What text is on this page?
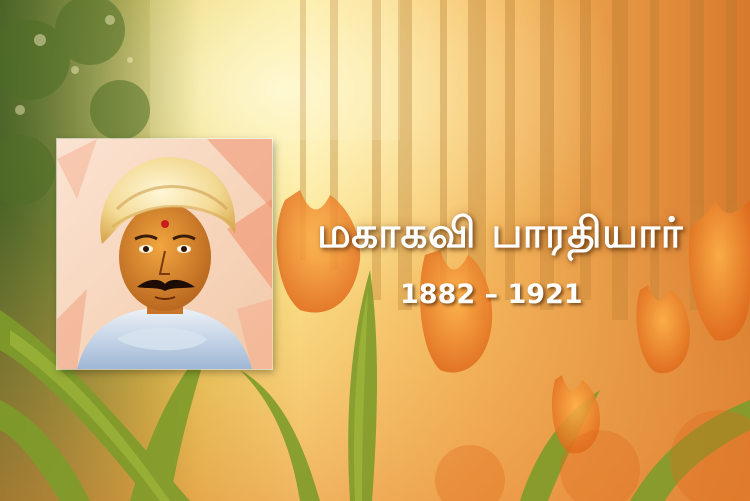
மகாகவி பாரதியார்
1882 – 1921
